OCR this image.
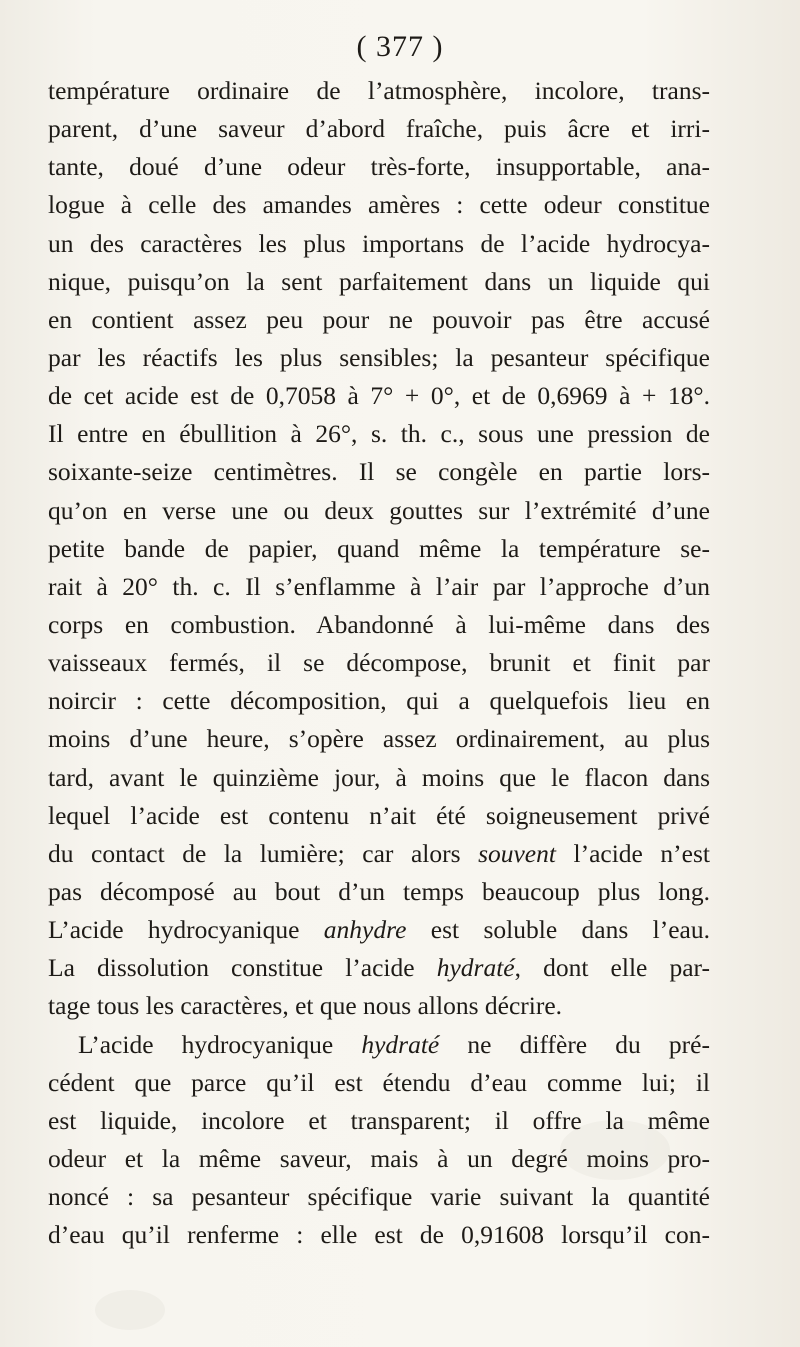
( 377 )
température ordinaire de l’atmosphère, incolore, trans-
parent, d’une saveur d’abord fraîche, puis âcre et irri-
tante, doué d’une odeur très-forte, insupportable, ana-
logue à celle des amandes amères : cette odeur constitue
un des caractères les plus importans de l’acide hydrocya-
nique, puisqu’on la sent parfaitement dans un liquide qui
en contient assez peu pour ne pouvoir pas être accusé
par les réactifs les plus sensibles; la pesanteur spécifique
de cet acide est de 0,7058 à 7° + 0°, et de 0,6969 à + 18°.
Il entre en ébullition à 26°, s. th. c., sous une pression de
soixante-seize centimètres. Il se congèle en partie lors-
qu’on en verse une ou deux gouttes sur l’extrémité d’une
petite bande de papier, quand même la température se-
rait à 20° th. c. Il s’enflamme à l’air par l’approche d’un
corps en combustion. Abandonné à lui-même dans des
vaisseaux fermés, il se décompose, brunit et finit par
noircir : cette décomposition, qui a quelquefois lieu en
moins d’une heure, s’opère assez ordinairement, au plus
tard, avant le quinzième jour, à moins que le flacon dans
lequel l’acide est contenu n’ait été soigneusement privé
du contact de la lumière; car alors souvent l’acide n’est
pas décomposé au bout d’un temps beaucoup plus long.
L’acide hydrocyanique anhydre est soluble dans l’eau.
La dissolution constitue l’acide hydraté, dont elle par-
tage tous les caractères, et que nous allons décrire.
L’acide hydrocyanique hydraté ne diffère du pré-
cédent que parce qu’il est étendu d’eau comme lui; il
est liquide, incolore et transparent; il offre la même
odeur et la même saveur, mais à un degré moins pro-
noncé : sa pesanteur spécifique varie suivant la quantité
d’eau qu’il renferme : elle est de 0,91608 lorsqu’il con-
